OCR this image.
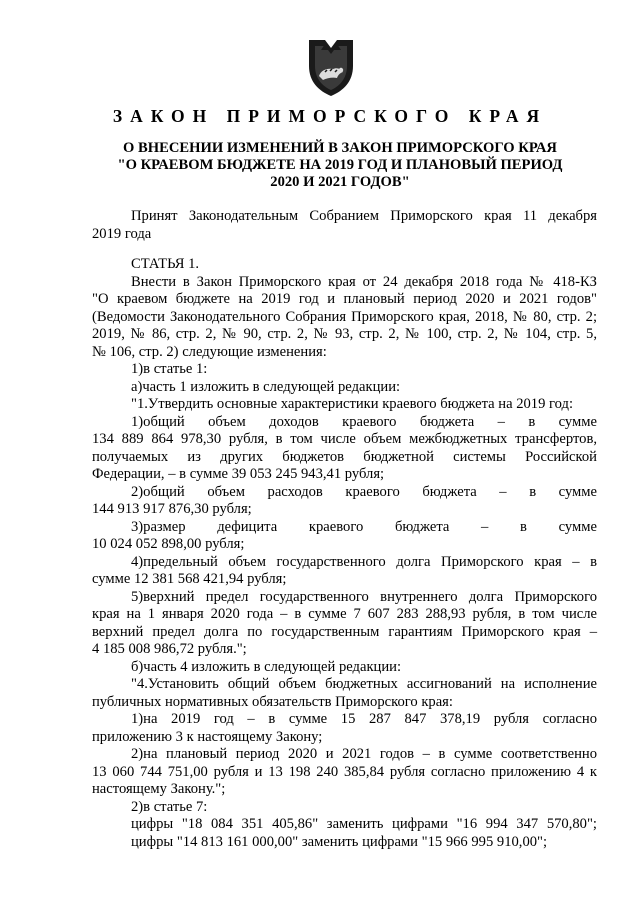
ЗАКОН ПРИМОРСКОГО КРАЯ
О ВНЕСЕНИИ ИЗМЕНЕНИЙ В ЗАКОН ПРИМОРСКОГО КРАЯ
"О КРАЕВОМ БЮДЖЕТЕ НА 2019 ГОД И ПЛАНОВЫЙ ПЕРИОД
2020 И 2021 ГОДОВ"
Принят Законодательным Собранием Приморского края 11 декабря
2019 года
СТАТЬЯ 1.
Внести в Закон Приморского края от 24 декабря 2018 года № 418-КЗ
"О краевом бюджете на 2019 год и плановый период 2020 и 2021 годов"
(Ведомости Законодательного Собрания Приморского края, 2018, № 80, стр. 2;
2019, № 86, стр. 2, № 90, стр. 2, № 93, стр. 2, № 100, стр. 2, № 104, стр. 5,
№ 106, стр. 2) следующие изменения:
1)в статье 1:
а)часть 1 изложить в следующей редакции:
"1.Утвердить основные характеристики краевого бюджета на 2019 год:
1)общий объем доходов краевого бюджета – в сумме
134 889 864 978,30 рубля, в том числе объем межбюджетных трансфертов,
получаемых из других бюджетов бюджетной системы Российской
Федерации, – в сумме 39 053 245 943,41 рубля;
2)общий объем расходов краевого бюджета – в сумме
144 913 917 876,30 рубля;
3)размер дефицита краевого бюджета – в сумме
10 024 052 898,00 рубля;
4)предельный объем государственного долга Приморского края – в
сумме 12 381 568 421,94 рубля;
5)верхний предел государственного внутреннего долга Приморского
края на 1 января 2020 года – в сумме 7 607 283 288,93 рубля, в том числе
верхний предел долга по государственным гарантиям Приморского края –
4 185 008 986,72 рубля.";
б)часть 4 изложить в следующей редакции:
"4.Установить общий объем бюджетных ассигнований на исполнение
публичных нормативных обязательств Приморского края:
1)на 2019 год – в сумме 15 287 847 378,19 рубля согласно
приложению 3 к настоящему Закону;
2)на плановый период 2020 и 2021 годов – в сумме соответственно
13 060 744 751,00 рубля и 13 198 240 385,84 рубля согласно приложению 4 к
настоящему Закону.";
2)в статье 7:
цифры "18 084 351 405,86" заменить цифрами "16 994 347 570,80";
цифры "14 813 161 000,00" заменить цифрами "15 966 995 910,00";
